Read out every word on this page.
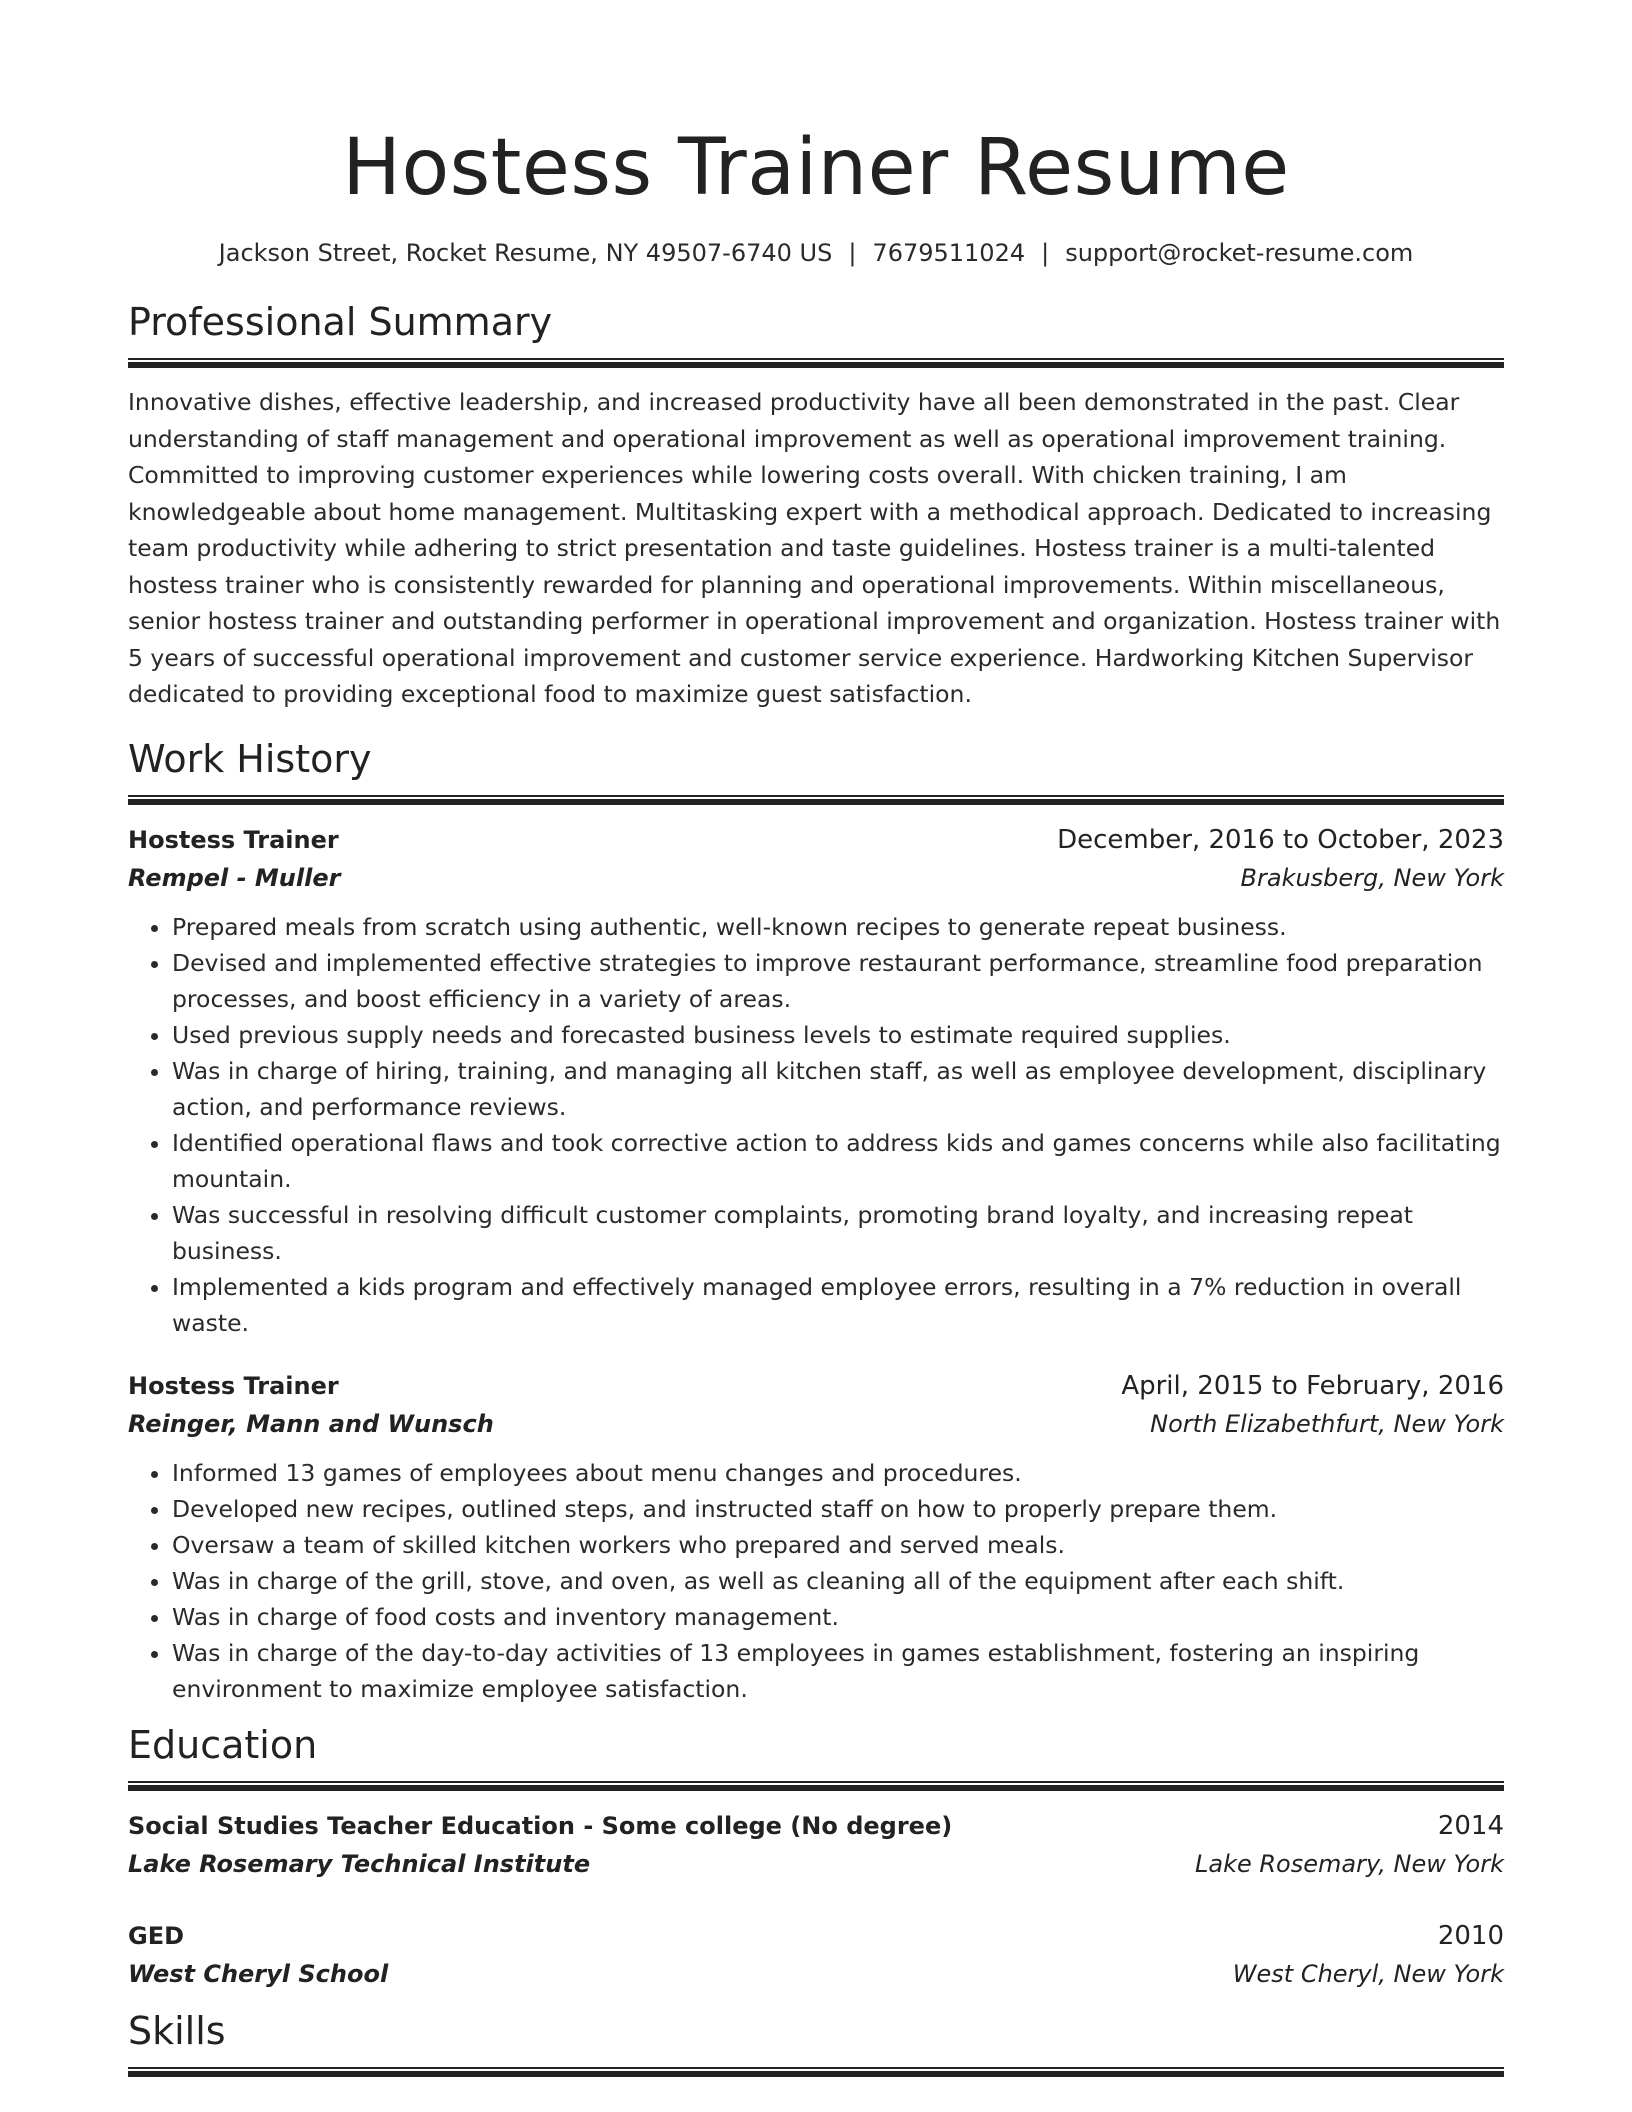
Hostess Trainer Resume
Jackson Street, Rocket Resume, NY 49507-6740 US | 7679511024 | support@rocket-resume.com
Professional Summary
Innovative dishes, effective leadership, and increased productivity have all been demonstrated in the past. Clear understanding of staff management and operational improvement as well as operational improvement training. Committed to improving customer experiences while lowering costs overall. With chicken training, I am knowledgeable about home management. Multitasking expert with a methodical approach. Dedicated to increasing team productivity while adhering to strict presentation and taste guidelines. Hostess trainer is a multi-talented hostess trainer who is consistently rewarded for planning and operational improvements. Within miscellaneous, senior hostess trainer and outstanding performer in operational improvement and organization. Hostess trainer with 5 years of successful operational improvement and customer service experience. Hardworking Kitchen Supervisor dedicated to providing exceptional food to maximize guest satisfaction.
Work History
Hostess Trainer	December, 2016 to October, 2023
Rempel - Muller	Brakusberg, New York
• Prepared meals from scratch using authentic, well-known recipes to generate repeat business.
• Devised and implemented effective strategies to improve restaurant performance, streamline food preparation processes, and boost efficiency in a variety of areas.
• Used previous supply needs and forecasted business levels to estimate required supplies.
• Was in charge of hiring, training, and managing all kitchen staff, as well as employee development, disciplinary action, and performance reviews.
• Identified operational flaws and took corrective action to address kids and games concerns while also facilitating mountain.
• Was successful in resolving difficult customer complaints, promoting brand loyalty, and increasing repeat business.
• Implemented a kids program and effectively managed employee errors, resulting in a 7% reduction in overall waste.
Hostess Trainer	April, 2015 to February, 2016
Reinger, Mann and Wunsch	North Elizabethfurt, New York
• Informed 13 games of employees about menu changes and procedures.
• Developed new recipes, outlined steps, and instructed staff on how to properly prepare them.
• Oversaw a team of skilled kitchen workers who prepared and served meals.
• Was in charge of the grill, stove, and oven, as well as cleaning all of the equipment after each shift.
• Was in charge of food costs and inventory management.
• Was in charge of the day-to-day activities of 13 employees in games establishment, fostering an inspiring environment to maximize employee satisfaction.
Education
Social Studies Teacher Education - Some college (No degree)	2014
Lake Rosemary Technical Institute	Lake Rosemary, New York
GED	2010
West Cheryl School	West Cheryl, New York
Skills
